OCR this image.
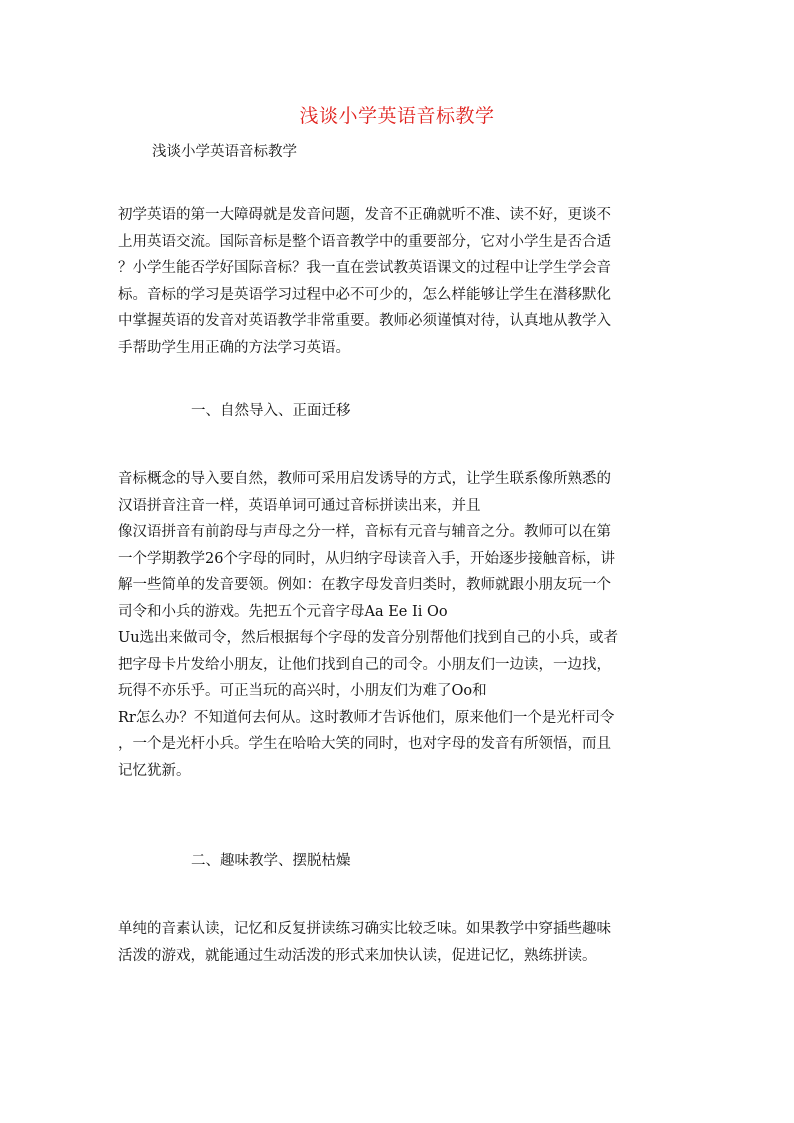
浅谈小学英语音标教学
浅谈小学英语音标教学
初学英语的第一大障碍就是发音问题，发音不正确就听不准、读不好，更谈不
上用英语交流。国际音标是整个语音教学中的重要部分，它对小学生是否合适
？小学生能否学好国际音标？我一直在尝试教英语课文的过程中让学生学会音
标。音标的学习是英语学习过程中必不可少的，怎么样能够让学生在潜移默化
中掌握英语的发音对英语教学非常重要。教师必须谨慎对待，认真地从教学入
手帮助学生用正确的方法学习英语。
一、自然导入、正面迁移
音标概念的导入要自然，教师可采用启发诱导的方式，让学生联系像所熟悉的
汉语拼音注音一样，英语单词可通过音标拼读出来，并且
像汉语拼音有前韵母与声母之分一样，音标有元音与辅音之分。教师可以在第
一个学期教学26个字母的同时，从归纳字母读音入手，开始逐步接触音标，讲
解一些简单的发音要领。例如：在教字母发音归类时，教师就跟小朋友玩一个
司令和小兵的游戏。先把五个元音字母Aa Ee Ii Oo
Uu选出来做司令，然后根据每个字母的发音分别帮他们找到自己的小兵，或者
把字母卡片发给小朋友，让他们找到自己的司令。小朋友们一边读，一边找，
玩得不亦乐乎。可正当玩的高兴时，小朋友们为难了Oo和
Rr怎么办？不知道何去何从。这时教师才告诉他们，原来他们一个是光杆司令
，一个是光杆小兵。学生在哈哈大笑的同时，也对字母的发音有所领悟，而且
记忆犹新。
二、趣味教学、摆脱枯燥
单纯的音素认读，记忆和反复拼读练习确实比较乏味。如果教学中穿插些趣味
活泼的游戏，就能通过生动活泼的形式来加快认读，促进记忆，熟练拼读。
